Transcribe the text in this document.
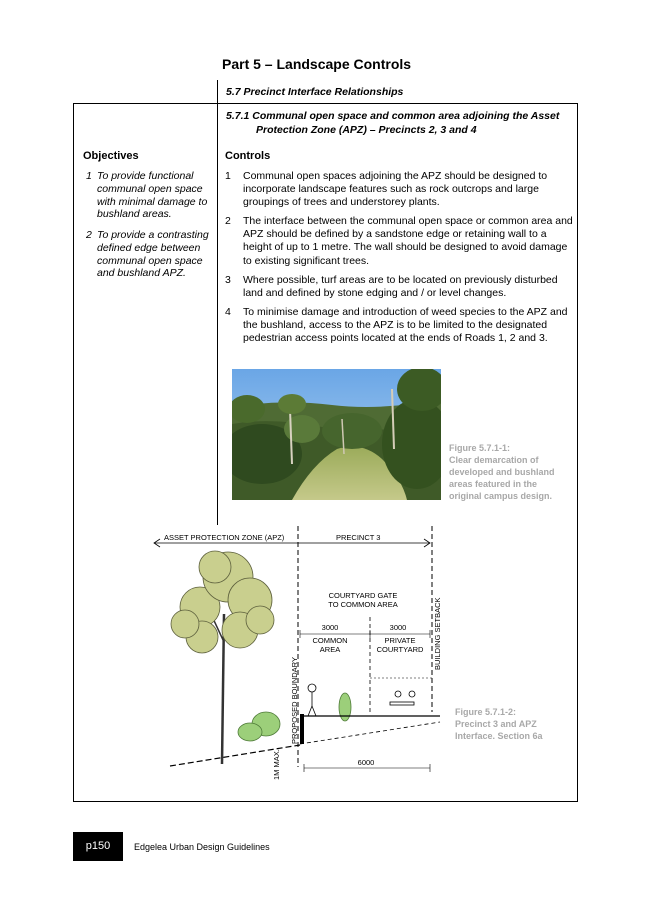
Part 5 – Landscape Controls
5.7 Precinct Interface Relationships
5.7.1 Communal open space and common area adjoining the Asset
Protection Zone (APZ) – Precincts 2, 3 and 4
Objectives	Controls
1 To provide functional communal open space with minimal damage to bushland areas.
2 To provide a contrasting defined edge between communal open space and bushland APZ.
1	Communal open spaces adjoining the APZ should be designed to incorporate landscape features such as rock outcrops and large groupings of trees and understorey plants.
2	The interface between the communal open space or common area and APZ should be defined by a sandstone edge or retaining wall to a height of up to 1 metre. The wall should be designed to avoid damage to existing significant trees.
3	Where possible, turf areas are to be located on previously disturbed land and defined by stone edging and / or level changes.
4	To minimise damage and introduction of weed species to the APZ and the bushland, access to the APZ is to be limited to the designated pedestrian access points located at the ends of Roads 1, 2 and 3.
Figure 5.7.1-1:
Clear demarcation of
developed and bushland
areas featured in the
original campus design.
ASSET PROTECTION ZONE (APZ)	PRECINCT 3
COURTYARD GATE
TO COMMON AREA
3000	3000
COMMON
AREA
PRIVATE
COURTYARD BUILDING SETBACK
PROPOSED BOUNDARY
1M MAX.	6000
Figure 5.7.1-2:
Precinct 3 and APZ
Interface. Section 6a
p150	Edgelea Urban Design Guidelines
